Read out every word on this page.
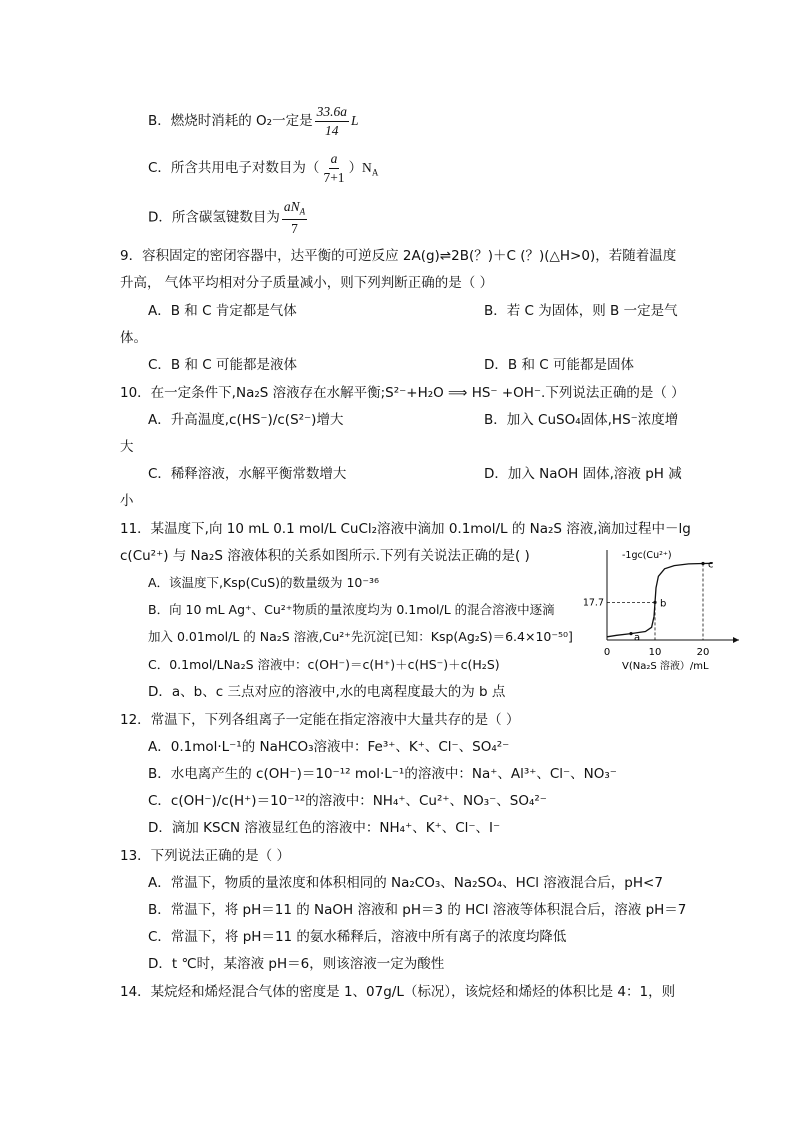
B．燃烧时消耗的 O₂一定是 $\frac{33.6a}{14}$ L
C．所含共用电子对数目为（ $\frac{a}{7+1} )N_A$
D．所含碳氢键数目为 $\frac{aN_A}{7}$
9．容积固定的密闭容器中，达平衡的可逆反应 2A(g)⇌2B(？)＋C (？)(△H>0)，若随着温度
升高， 气体平均相对分子质量减小，则下列判断正确的是（ ）
A．B 和 C 肯定都是气体	B．若 C 为固体，则 B 一定是气
体。
C．B 和 C 可能都是液体	D．B 和 C 可能都是固体
10．在一定条件下,Na₂S 溶液存在水解平衡;S²⁻+H₂O ⟹ HS⁻ +OH⁻.下列说法正确的是（ ）
A．升高温度,c(HS⁻)/c(S²⁻)增大	B．加入 CuSO₄固体,HS⁻浓度增
大
C．稀释溶液，水解平衡常数增大	D．加入 NaOH 固体,溶液 pH 减
小
11．某温度下,向 10 mL 0.1 mol/L CuCl₂溶液中滴加 0.1mol/L 的 Na₂S 溶液,滴加过程中－lg
c(Cu²⁺) 与 Na₂S 溶液体积的关系如图所示.下列有关说法正确的是( )
A．该温度下,Ksp(CuS)的数量级为 10⁻³⁶
B．向 10 mL Ag⁺、Cu²⁺物质的量浓度均为 0.1mol/L 的混合溶液中逐滴
加入 0.01mol/L 的 Na₂S 溶液,Cu²⁺先沉淀[已知：Ksp(Ag₂S)＝6.4×10⁻⁵⁰]
C．0.1mol/LNa₂S 溶液中：c(OH⁻)＝c(H⁺)＋c(HS⁻)＋c(H₂S)
D．a、b、c 三点对应的溶液中,水的电离程度最大的为 b 点
-1gc(Cu²⁺)
0	10	20
V(Na₂S 溶液）/mL
17.7
a
b
c
12．常温下，下列各组离子一定能在指定溶液中大量共存的是（ ）
A．0.1mol·L⁻¹的 NaHCO₃溶液中：Fe³⁺、K⁺、Cl⁻、SO₄²⁻
B．水电离产生的 c(OH⁻)＝10⁻¹² mol·L⁻¹的溶液中：Na⁺、Al³⁺、Cl⁻、NO₃⁻
C．c(OH⁻)/c(H⁺)＝10⁻¹²的溶液中：NH₄⁺、Cu²⁺、NO₃⁻、SO₄²⁻
D．滴加 KSCN 溶液显红色的溶液中：NH₄⁺、K⁺、Cl⁻、I⁻
13．下列说法正确的是（ ）
A．常温下，物质的量浓度和体积相同的 Na₂CO₃、Na₂SO₄、HCl 溶液混合后，pH<7
B．常温下，将 pH＝11 的 NaOH 溶液和 pH＝3 的 HCl 溶液等体积混合后，溶液 pH＝7
C．常温下，将 pH＝11 的氨水稀释后，溶液中所有离子的浓度均降低
D．t ℃时，某溶液 pH＝6，则该溶液一定为酸性
14．某烷烃和烯烃混合气体的密度是 1、07g/L（标况），该烷烃和烯烃的体积比是 4：1，则
